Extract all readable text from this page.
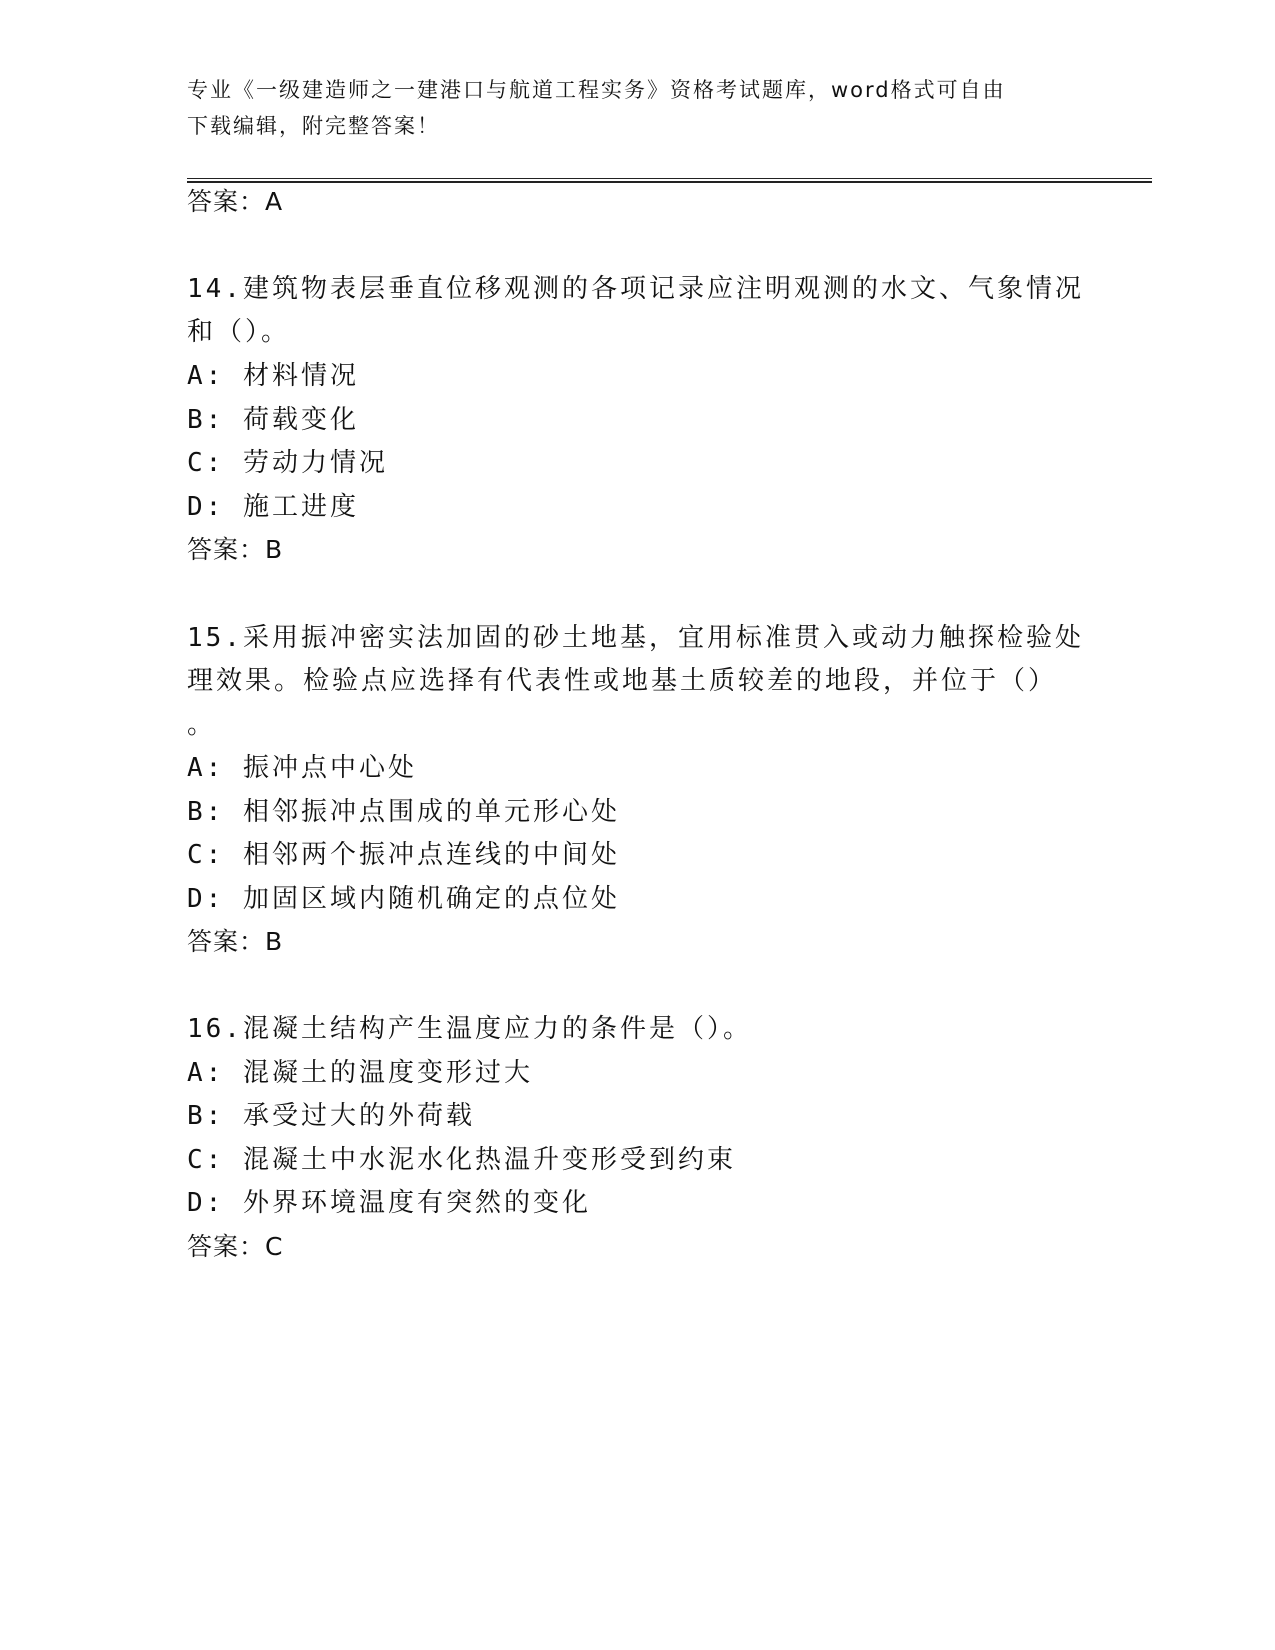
专业《一级建造师之一建港口与航道工程实务》资格考试题库，word格式可自由
下载编辑，附完整答案！
答案：A
14.建筑物表层垂直位移观测的各项记录应注明观测的水文、气象情况
和（）。
A: 材料情况
B: 荷载变化
C: 劳动力情况
D: 施工进度
答案：B
15.采用振冲密实法加固的砂土地基，宜用标准贯入或动力触探检验处
理效果。检验点应选择有代表性或地基土质较差的地段，并位于（）
。
A: 振冲点中心处
B: 相邻振冲点围成的单元形心处
C: 相邻两个振冲点连线的中间处
D: 加固区域内随机确定的点位处
答案：B
16.混凝土结构产生温度应力的条件是（）。
A: 混凝土的温度变形过大
B: 承受过大的外荷载
C: 混凝土中水泥水化热温升变形受到约束
D: 外界环境温度有突然的变化
答案：C
